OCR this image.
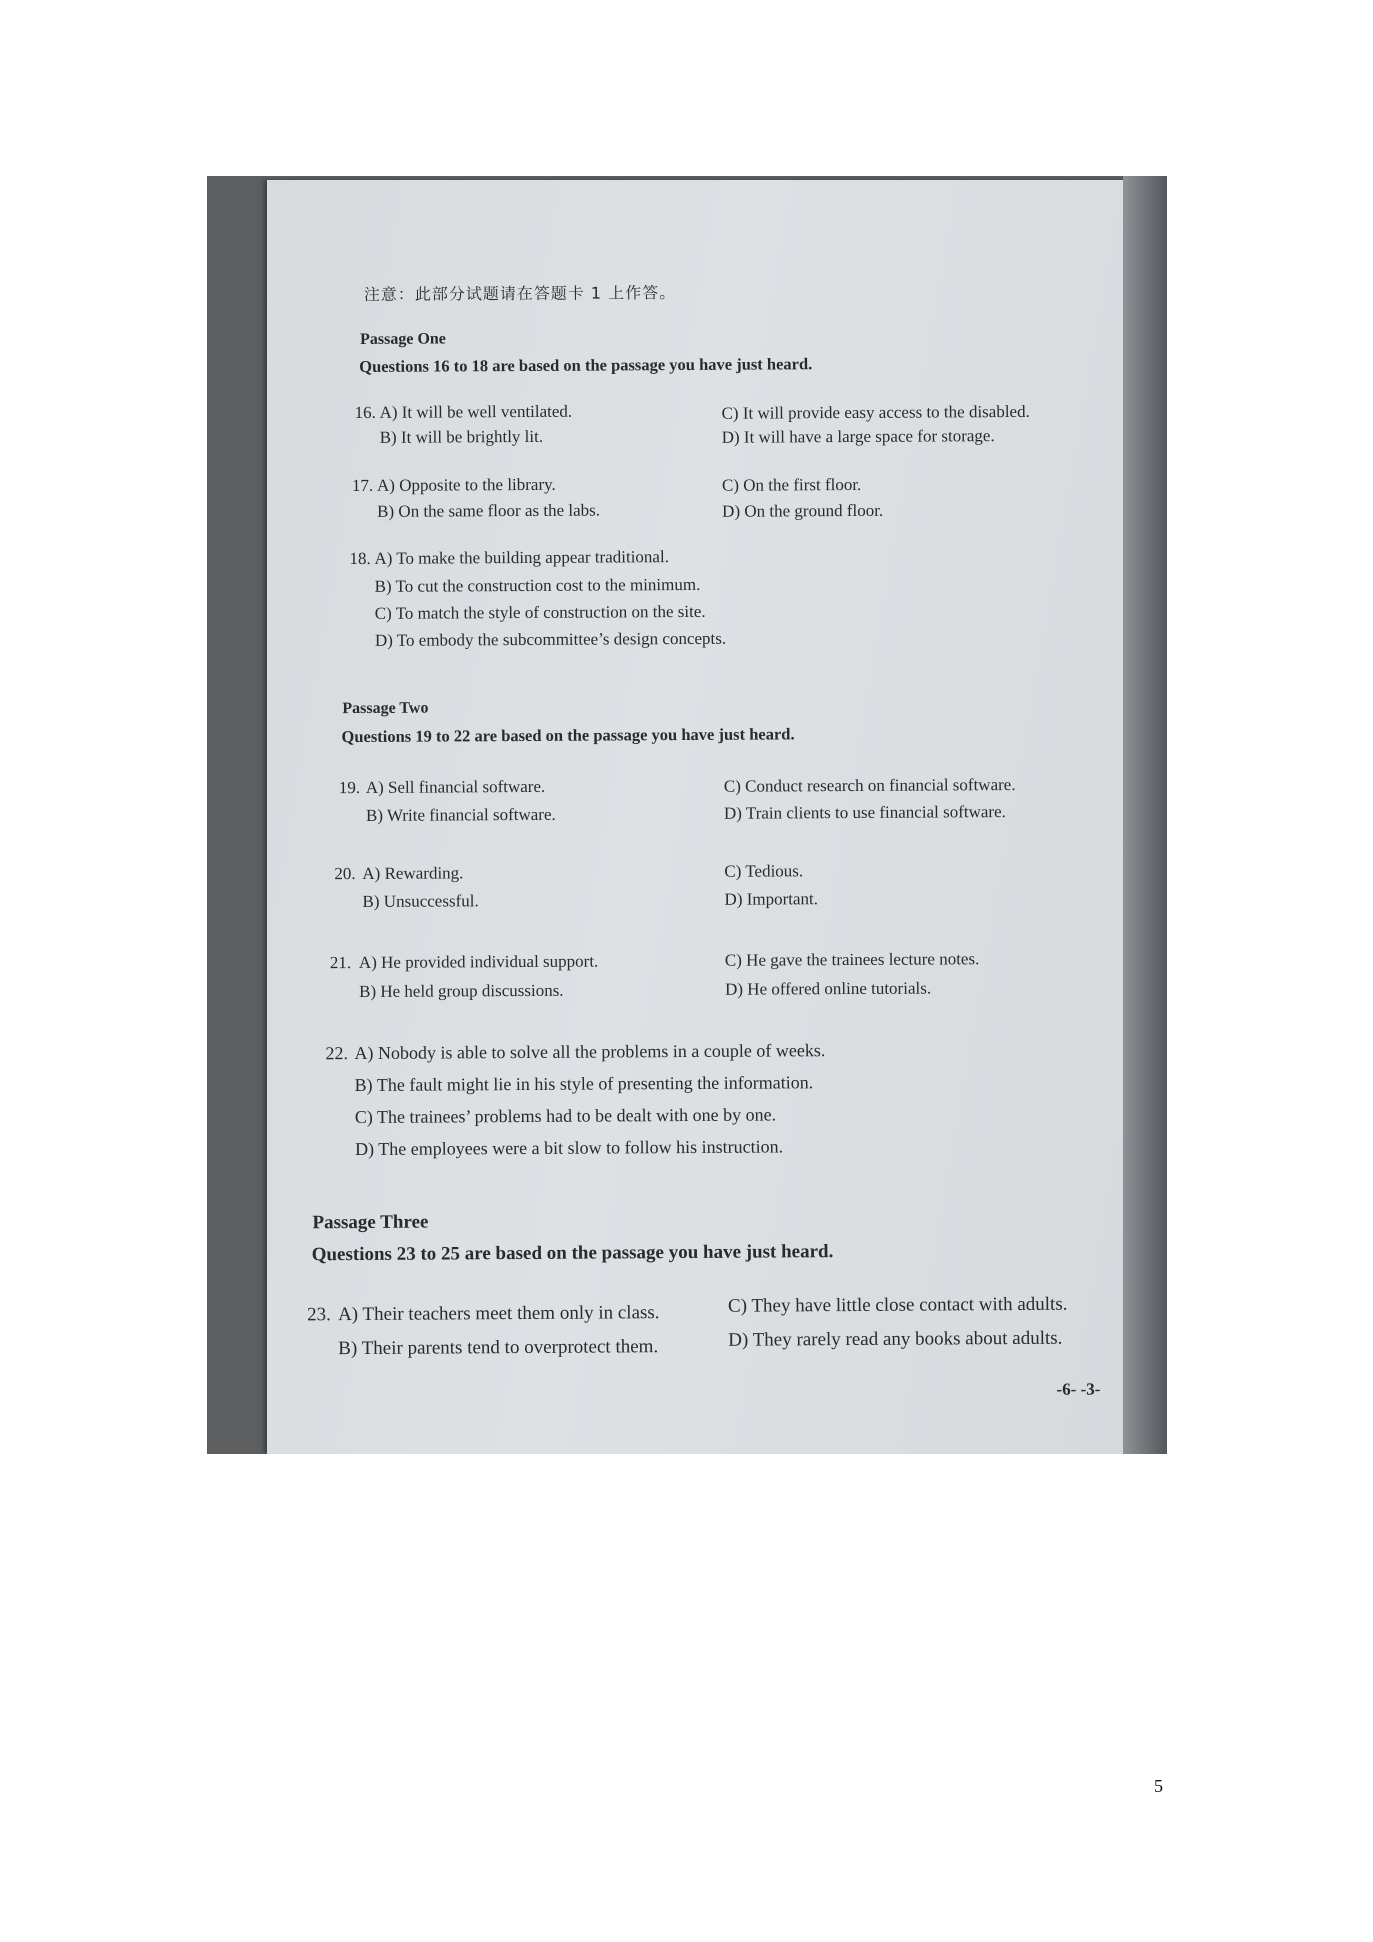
注意：此部分试题请在答题卡 1 上作答。
Passage One
Questions 16 to 18 are based on the passage you have just heard.
16. A) It will be well ventilated.
B) It will be brightly lit.
C) It will provide easy access to the disabled.
D) It will have a large space for storage.
17. A) Opposite to the library.
B) On the same floor as the labs.
C) On the first floor.
D) On the ground floor.
18. A) To make the building appear traditional.
B) To cut the construction cost to the minimum.
C) To match the style of construction on the site.
D) To embody the subcommittee’s design concepts.
Passage Two
Questions 19 to 22 are based on the passage you have just heard.
19. A) Sell financial software.
B) Write financial software.
C) Conduct research on financial software.
D) Train clients to use financial software.
20. A) Rewarding.
B) Unsuccessful.
C) Tedious.
D) Important.
21. A) He provided individual support.
B) He held group discussions.
C) He gave the trainees lecture notes.
D) He offered online tutorials.
22. A) Nobody is able to solve all the problems in a couple of weeks.
B) The fault might lie in his style of presenting the information.
C) The trainees’ problems had to be dealt with one by one.
D) The employees were a bit slow to follow his instruction.
Passage Three
Questions 23 to 25 are based on the passage you have just heard.
23. A) Their teachers meet them only in class.
B) Their parents tend to overprotect them.
C) They have little close contact with adults.
D) They rarely read any books about adults.
-6- -3-
5
